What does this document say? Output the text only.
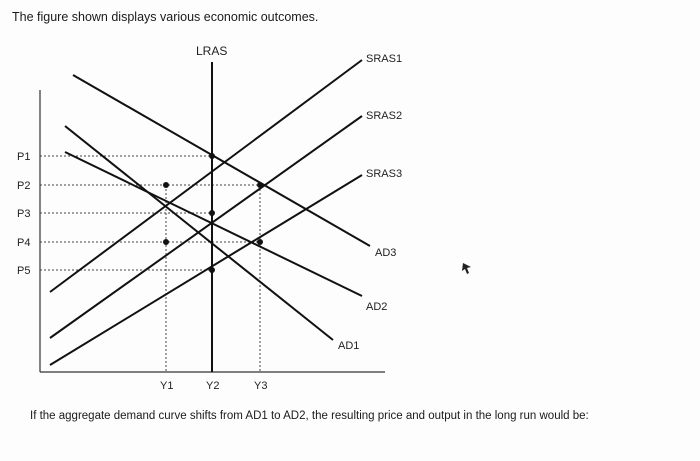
The figure shown displays various economic outcomes.
LRAS
SRAS1
SRAS2
SRAS3
AD3
AD2
AD1
P1
P2
P3
P4
P5
Y1	Y2	Y3
If the aggregate demand curve shifts from AD1 to AD2, the resulting price and output in the long run would be:
